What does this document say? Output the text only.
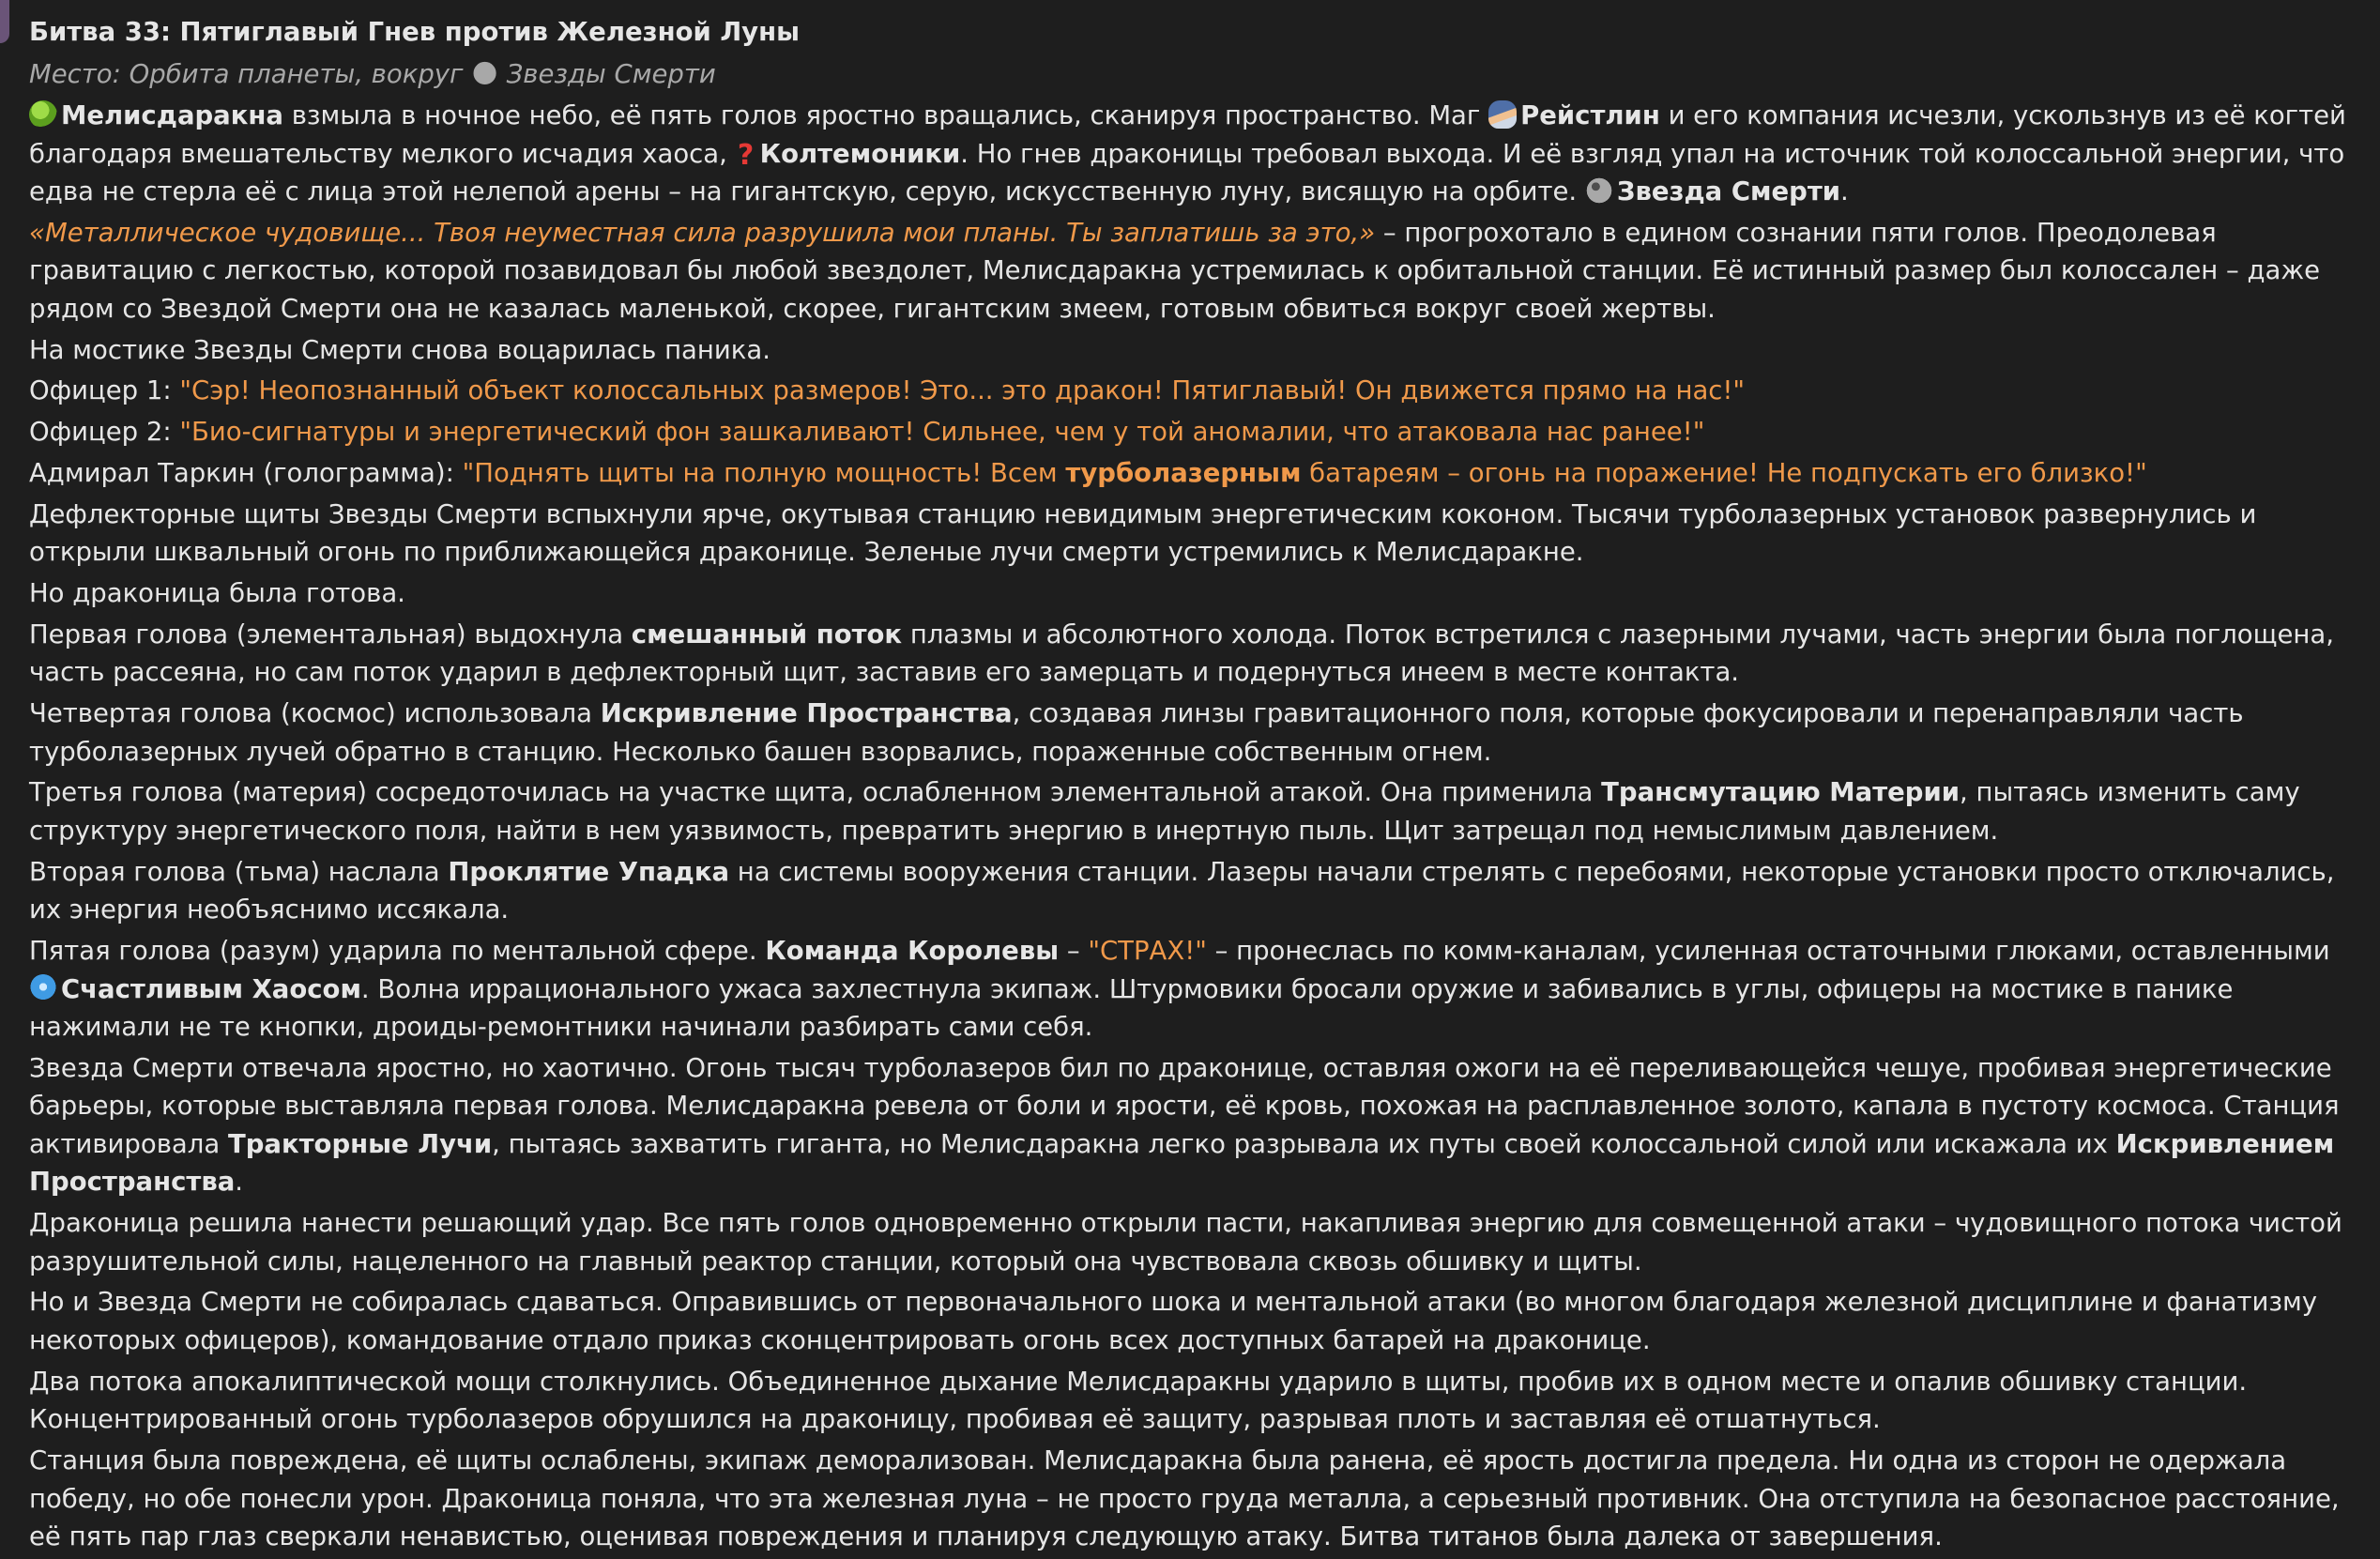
Битва 33: Пятиглавый Гнев против Железной Луны

Место: Орбита планеты, вокруг 🌑 Звезды Смерти

Мелисдаракна взмыла в ночное небо, её пять голов яростно вращались, сканируя пространство. Маг Рейстлин и его компания исчезли, ускользнув из её когтей благодаря вмешательству мелкого исчадия хаоса, ? Колтемоники. Но гнев драконицы требовал выхода. И её взгляд упал на источник той колоссальной энергии, что едва не стерла её с лица этой нелепой арены – на гигантскую, серую, искусственную луну, висящую на орбите. Звезда Смерти.

«Металлическое чудовище... Твоя неуместная сила разрушила мои планы. Ты заплатишь за это,» – прогрохотало в едином сознании пяти голов. Преодолевая гравитацию с легкостью, которой позавидовал бы любой звездолет, Мелисдаракна устремилась к орбитальной станции. Её истинный размер был колоссален – даже рядом со Звездой Смерти она не казалась маленькой, скорее, гигантским змеем, готовым обвиться вокруг своей жертвы.

На мостике Звезды Смерти снова воцарилась паника.

Офицер 1: "Сэр! Неопознанный объект колоссальных размеров! Это... это дракон! Пятиглавый! Он движется прямо на нас!"

Офицер 2: "Био-сигнатуры и энергетический фон зашкаливают! Сильнее, чем у той аномалии, что атаковала нас ранее!"

Адмирал Таркин (голограмма): "Поднять щиты на полную мощность! Всем турболазерным батареям – огонь на поражение! Не подпускать его близко!"

Дефлекторные щиты Звезды Смерти вспыхнули ярче, окутывая станцию невидимым энергетическим коконом. Тысячи турболазерных установок развернулись и открыли шквальный огонь по приближающейся драконице. Зеленые лучи смерти устремились к Мелисдаракне.

Но драконица была готова.

Первая голова (элементальная) выдохнула смешанный поток плазмы и абсолютного холода. Поток встретился с лазерными лучами, часть энергии была поглощена, часть рассеяна, но сам поток ударил в дефлекторный щит, заставив его замерцать и подернуться инеем в месте контакта.

Четвертая голова (космос) использовала Искривление Пространства, создавая линзы гравитационного поля, которые фокусировали и перенаправляли часть турболазерных лучей обратно в станцию. Несколько башен взорвались, пораженные собственным огнем.

Третья голова (материя) сосредоточилась на участке щита, ослабленном элементальной атакой. Она применила Трансмутацию Материи, пытаясь изменить саму структуру энергетического поля, найти в нем уязвимость, превратить энергию в инертную пыль. Щит затрещал под немыслимым давлением.

Вторая голова (тьма) наслала Проклятие Упадка на системы вооружения станции. Лазеры начали стрелять с перебоями, некоторые установки просто отключались, их энергия необъяснимо иссякала.

Пятая голова (разум) ударила по ментальной сфере. Команда Королевы – "СТРАХ!" – пронеслась по комм-каналам, усиленная остаточными глюками, оставленными Счастливым Хаосом. Волна иррационального ужаса захлестнула экипаж. Штурмовики бросали оружие и забивались в углы, офицеры на мостике в панике нажимали не те кнопки, дроиды-ремонтники начинали разбирать сами себя.

Звезда Смерти отвечала яростно, но хаотично. Огонь тысяч турболазеров бил по драконице, оставляя ожоги на её переливающейся чешуе, пробивая энергетические барьеры, которые выставляла первая голова. Мелисдаракна ревела от боли и ярости, её кровь, похожая на расплавленное золото, капала в пустоту космоса. Станция активировала Тракторные Лучи, пытаясь захватить гиганта, но Мелисдаракна легко разрывала их путы своей колоссальной силой или искажала их Искривлением Пространства.

Драконица решила нанести решающий удар. Все пять голов одновременно открыли пасти, накапливая энергию для совмещенной атаки – чудовищного потока чистой разрушительной силы, нацеленного на главный реактор станции, который она чувствовала сквозь обшивку и щиты.

Но и Звезда Смерти не собиралась сдаваться. Оправившись от первоначального шока и ментальной атаки (во многом благодаря железной дисциплине и фанатизму некоторых офицеров), командование отдало приказ сконцентрировать огонь всех доступных батарей на драконице.

Два потока апокалиптической мощи столкнулись. Объединенное дыхание Мелисдаракны ударило в щиты, пробив их в одном месте и опалив обшивку станции. Концентрированный огонь турболазеров обрушился на драконицу, пробивая её защиту, разрывая плоть и заставляя её отшатнуться.

Станция была повреждена, её щиты ослаблены, экипаж деморализован. Мелисдаракна была ранена, её ярость достигла предела. Ни одна из сторон не одержала победу, но обе понесли урон. Драконица поняла, что эта железная луна – не просто груда металла, а серьезный противник. Она отступила на безопасное расстояние, её пять пар глаз сверкали ненавистью, оценивая повреждения и планируя следующую атаку. Битва титанов была далека от завершения.
